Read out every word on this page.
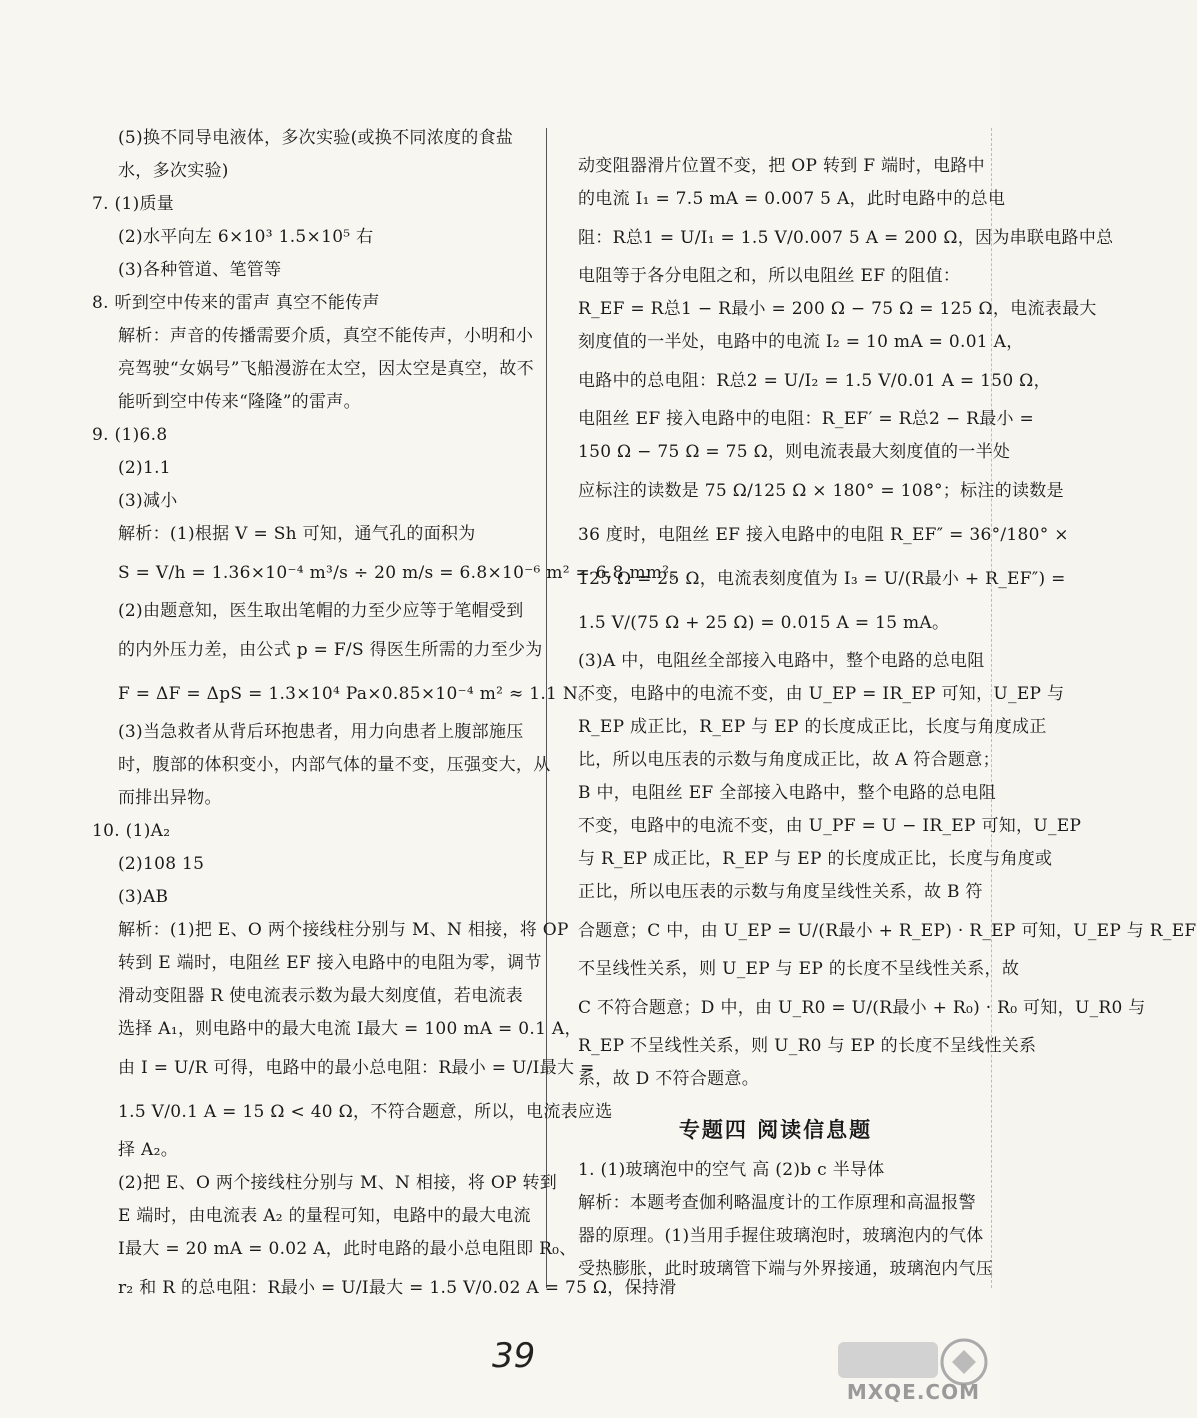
(5)换不同导电液体，多次实验(或换不同浓度的食盐
水，多次实验)
7. (1)质量
(2)水平向左 6×10³ 1.5×10⁵ 右
(3)各种管道、笔管等
8. 听到空中传来的雷声 真空不能传声
解析：声音的传播需要介质，真空不能传声，小明和小
亮驾驶“女娲号”飞船漫游在太空，因太空是真空，故不
能听到空中传来“隆隆”的雷声。
9. (1)6.8
(2)1.1
(3)减小
解析：(1)根据 V = Sh 可知，通气孔的面积为
S = V/h = 1.36×10⁻⁴ m³/s ÷ 20 m/s = 6.8×10⁻⁶ m² = 6.8 mm²。
(2)由题意知，医生取出笔帽的力至少应等于笔帽受到
的内外压力差，由公式 p = F/S 得医生所需的力至少为
F = ΔF = ΔpS = 1.3×10⁴ Pa×0.85×10⁻⁴ m² ≈ 1.1 N。
(3)当急救者从背后环抱患者，用力向患者上腹部施压
时，腹部的体积变小，内部气体的量不变，压强变大，从
而排出异物。
10. (1)A₂
(2)108 15
(3)AB
解析：(1)把 E、O 两个接线柱分别与 M、N 相接，将 OP
转到 E 端时，电阻丝 EF 接入电路中的电阻为零，调节
滑动变阻器 R 使电流表示数为最大刻度值，若电流表
选择 A₁，则电路中的最大电流 I最大 = 100 mA = 0.1 A，
由 I = U/R 可得，电路中的最小总电阻：R最小 = U/I最大 =
1.5 V/0.1 A = 15 Ω < 40 Ω，不符合题意，所以，电流表应选
择 A₂。
(2)把 E、O 两个接线柱分别与 M、N 相接，将 OP 转到
E 端时，由电流表 A₂ 的量程可知，电路中的最大电流
I最大 = 20 mA = 0.02 A，此时电路的最小总电阻即 R₀、
r₂ 和 R 的总电阻：R最小 = U/I最大 = 1.5 V/0.02 A = 75 Ω，保持滑
动变阻器滑片位置不变，把 OP 转到 F 端时，电路中
的电流 I₁ = 7.5 mA = 0.007 5 A，此时电路中的总电
阻：R总1 = U/I₁ = 1.5 V/0.007 5 A = 200 Ω，因为串联电路中总
电阻等于各分电阻之和，所以电阻丝 EF 的阻值：
R_EF = R总1 − R最小 = 200 Ω − 75 Ω = 125 Ω，电流表最大
刻度值的一半处，电路中的电流 I₂ = 10 mA = 0.01 A，
电路中的总电阻：R总2 = U/I₂ = 1.5 V/0.01 A = 150 Ω，
电阻丝 EF 接入电路中的电阻：R_EF′ = R总2 − R最小 =
150 Ω − 75 Ω = 75 Ω，则电流表最大刻度值的一半处
应标注的读数是 75 Ω/125 Ω × 180° = 108°；标注的读数是
36 度时，电阻丝 EF 接入电路中的电阻 R_EF″ = 36°/180° ×
125 Ω = 25 Ω，电流表刻度值为 I₃ = U/(R最小 + R_EF″) =
1.5 V/(75 Ω + 25 Ω) = 0.015 A = 15 mA。
(3)A 中，电阻丝全部接入电路中，整个电路的总电阻
不变，电路中的电流不变，由 U_EP = IR_EP 可知，U_EP 与
R_EP 成正比，R_EP 与 EP 的长度成正比，长度与角度成正
比，所以电压表的示数与角度成正比，故 A 符合题意；
B 中，电阻丝 EF 全部接入电路中，整个电路的总电阻
不变，电路中的电流不变，由 U_PF = U − IR_EP 可知，U_EP
与 R_EP 成正比，R_EP 与 EP 的长度成正比，长度与角度或
正比，所以电压表的示数与角度呈线性关系，故 B 符
合题意；C 中，由 U_EP = U/(R最小 + R_EP) · R_EP 可知，U_EP 与 R_EF
不呈线性关系，则 U_EP 与 EP 的长度不呈线性关系，故
C 不符合题意；D 中，由 U_R0 = U/(R最小 + R₀) · R₀ 可知，U_R0 与
R_EP 不呈线性关系，则 U_R0 与 EP 的长度不呈线性关系
系，故 D 不符合题意。
专题四 阅读信息题
1. (1)玻璃泡中的空气 高 (2)b c 半导体
解析：本题考查伽利略温度计的工作原理和高温报警
器的原理。(1)当用手握住玻璃泡时，玻璃泡内的气体
受热膨胀，此时玻璃管下端与外界接通，玻璃泡内气压
39
MXQE.COM
